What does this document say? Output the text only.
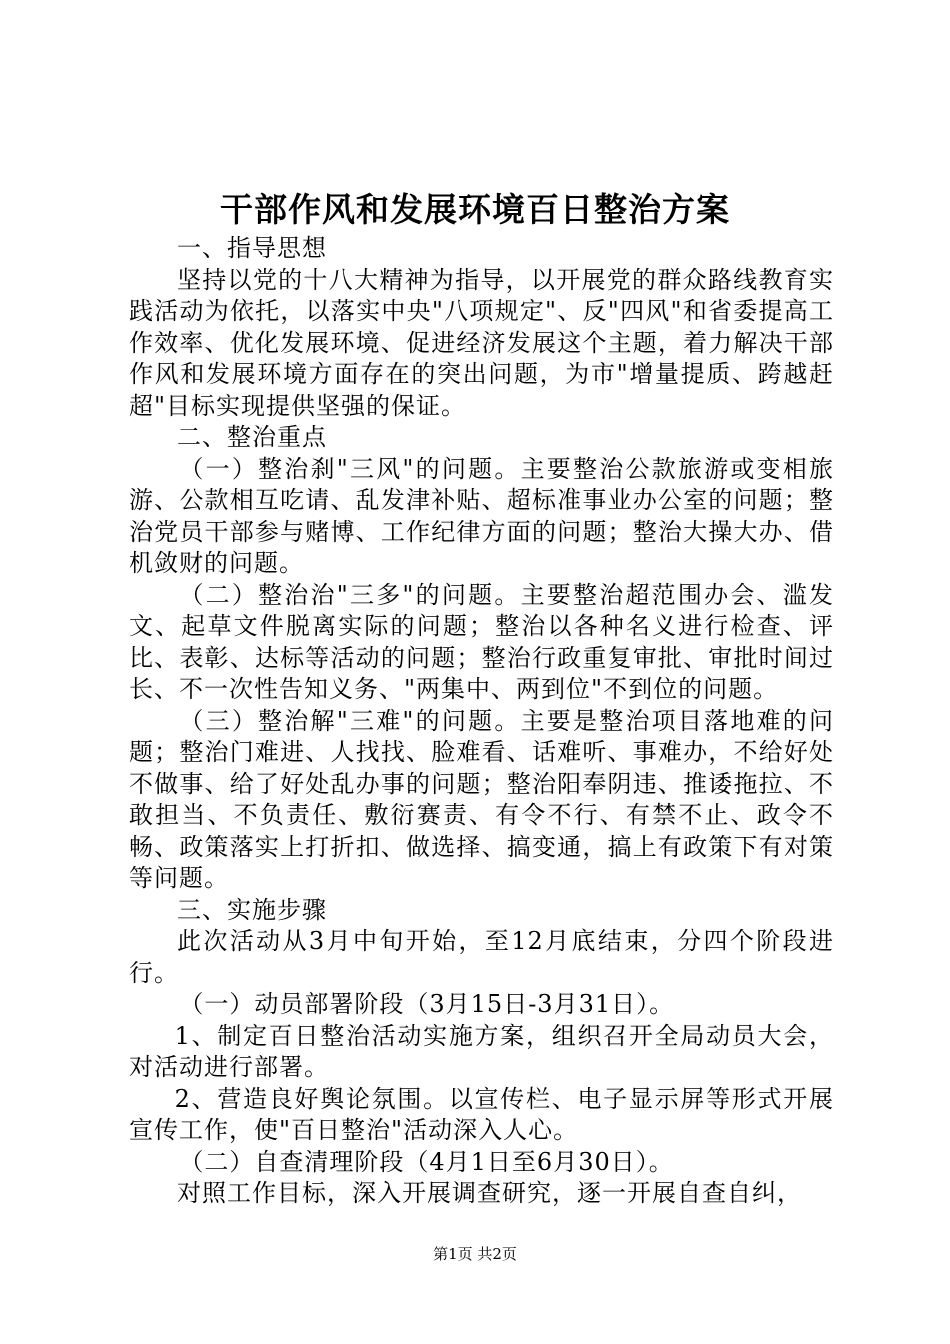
干部作风和发展环境百日整治方案

一、指导思想

坚持以党的十八大精神为指导，以开展党的群众路线教育实践活动为依托，以落实中央"八项规定"、反"四风"和省委提高工作效率、优化发展环境、促进经济发展这个主题，着力解决干部作风和发展环境方面存在的突出问题，为市"增量提质、跨越赶超"目标实现提供坚强的保证。

二、整治重点

（一）整治刹"三风"的问题。主要整治公款旅游或变相旅游、公款相互吃请、乱发津补贴、超标准事业办公室的问题；整治党员干部参与赌博、工作纪律方面的问题；整治大操大办、借机敛财的问题。

（二）整治治"三多"的问题。主要整治超范围办会、滥发文、起草文件脱离实际的问题；整治以各种名义进行检查、评比、表彰、达标等活动的问题；整治行政重复审批、审批时间过长、不一次性告知义务、"两集中、两到位"不到位的问题。

（三）整治解"三难"的问题。主要是整治项目落地难的问题；整治门难进、人找找、脸难看、话难听、事难办，不给好处不做事、给了好处乱办事的问题；整治阳奉阴违、推诿拖拉、不敢担当、不负责任、敷衍赛责、有令不行、有禁不止、政令不畅、政策落实上打折扣、做选择、搞变通，搞上有政策下有对策等问题。

三、实施步骤

此次活动从3月中旬开始，至12月底结束，分四个阶段进行。

（一）动员部署阶段（3月15日-3月31日）。

1、制定百日整治活动实施方案，组织召开全局动员大会，对活动进行部署。

2、营造良好舆论氛围。以宣传栏、电子显示屏等形式开展宣传工作，使"百日整治"活动深入人心。

（二）自查清理阶段（4月1日至6月30日）。

对照工作目标，深入开展调查研究，逐一开展自查自纠，

第1页 共2页
